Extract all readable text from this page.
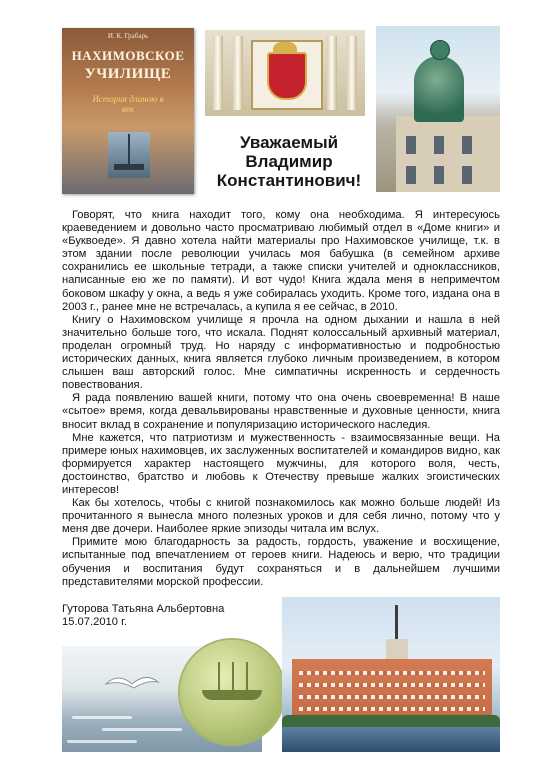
И. К. Грабарь
НАХИМОВСКОЕ
УЧИЛИЩЕ
История длиною в век
Уважаемый
Владимир
Константинович!

Говорят, что книга находит того, кому она необходима. Я интересуюсь краеведением и довольно часто просматриваю любимый отдел в «Доме книги» и «Буквоеде». Я давно хотела найти материалы про Нахимовское училище, т.к. в этом здании после революции училась моя бабушка (в семейном архиве сохранились ее школьные тетради, а также списки учителей и одноклассников, написанные ею же по памяти). И вот чудо! Книга ждала меня в непримечтом боковом шкафу у окна, а ведь я уже собиралась уходить. Кроме того, издана она в 2003 г., ранее мне не встречалась, а купила я ее сейчас, в 2010.

Книгу о Нахимовском училище я прочла на одном дыхании и нашла в ней значительно больше того, что искала. Поднят колоссальный архивный материал, проделан огромный труд. Но наряду с информативностью и подробностью исторических данных, книга является глубоко личным произведением, в котором слышен ваш авторский голос. Мне симпатичны искренность и сердечность повествования.

Я рада появлению вашей книги, потому что она очень своевременна! В наше «сытое» время, когда девальвированы нравственные и духовные ценности, книга вносит вклад в сохранение и популяризацию исторического наследия.

Мне кажется, что патриотизм и мужественность - взаимосвязанные вещи. На примере юных нахимовцев, их заслуженных воспитателей и командиров видно, как формируется характер настоящего мужчины, для которого воля, честь, достоинство, братство и любовь к Отечеству превыше жалких эгоистических интересов!

Как бы хотелось, чтобы с книгой познакомилось как можно больше людей! Из прочитанного я вынесла много полезных уроков и для себя лично, потому что у меня две дочери. Наиболее яркие эпизоды читала им вслух.

Примите мою благодарность за радость, гордость, уважение и восхищение, испытанные под впечатлением от героев книги. Надеюсь и верю, что традиции обучения и воспитания будут сохраняться и в дальнейшем лучшими представителями морской профессии.

Гуторова Татьяна Альбертовна
15.07.2010 г.
